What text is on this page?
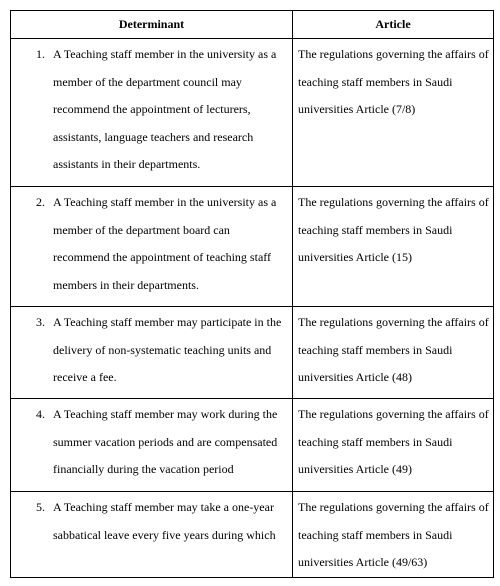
Determinant	Article

1. A Teaching staff member in the university as a member of the department council may recommend the appointment of lecturers, assistants, language teachers and research assistants in their departments.	The regulations governing the affairs of teaching staff members in Saudi universities Article (7/8)

2. A Teaching staff member in the university as a member of the department board can recommend the appointment of teaching staff members in their departments.	The regulations governing the affairs of teaching staff members in Saudi universities Article (15)

3. A Teaching staff member may participate in the delivery of non-systematic teaching units and receive a fee.	The regulations governing the affairs of teaching staff members in Saudi universities Article (48)

4. A Teaching staff member may work during the summer vacation periods and are compensated financially during the vacation period	The regulations governing the affairs of teaching staff members in Saudi universities Article (49)

5. A Teaching staff member may take a one-year sabbatical leave every five years during which	The regulations governing the affairs of teaching staff members in Saudi universities Article (49/63)
